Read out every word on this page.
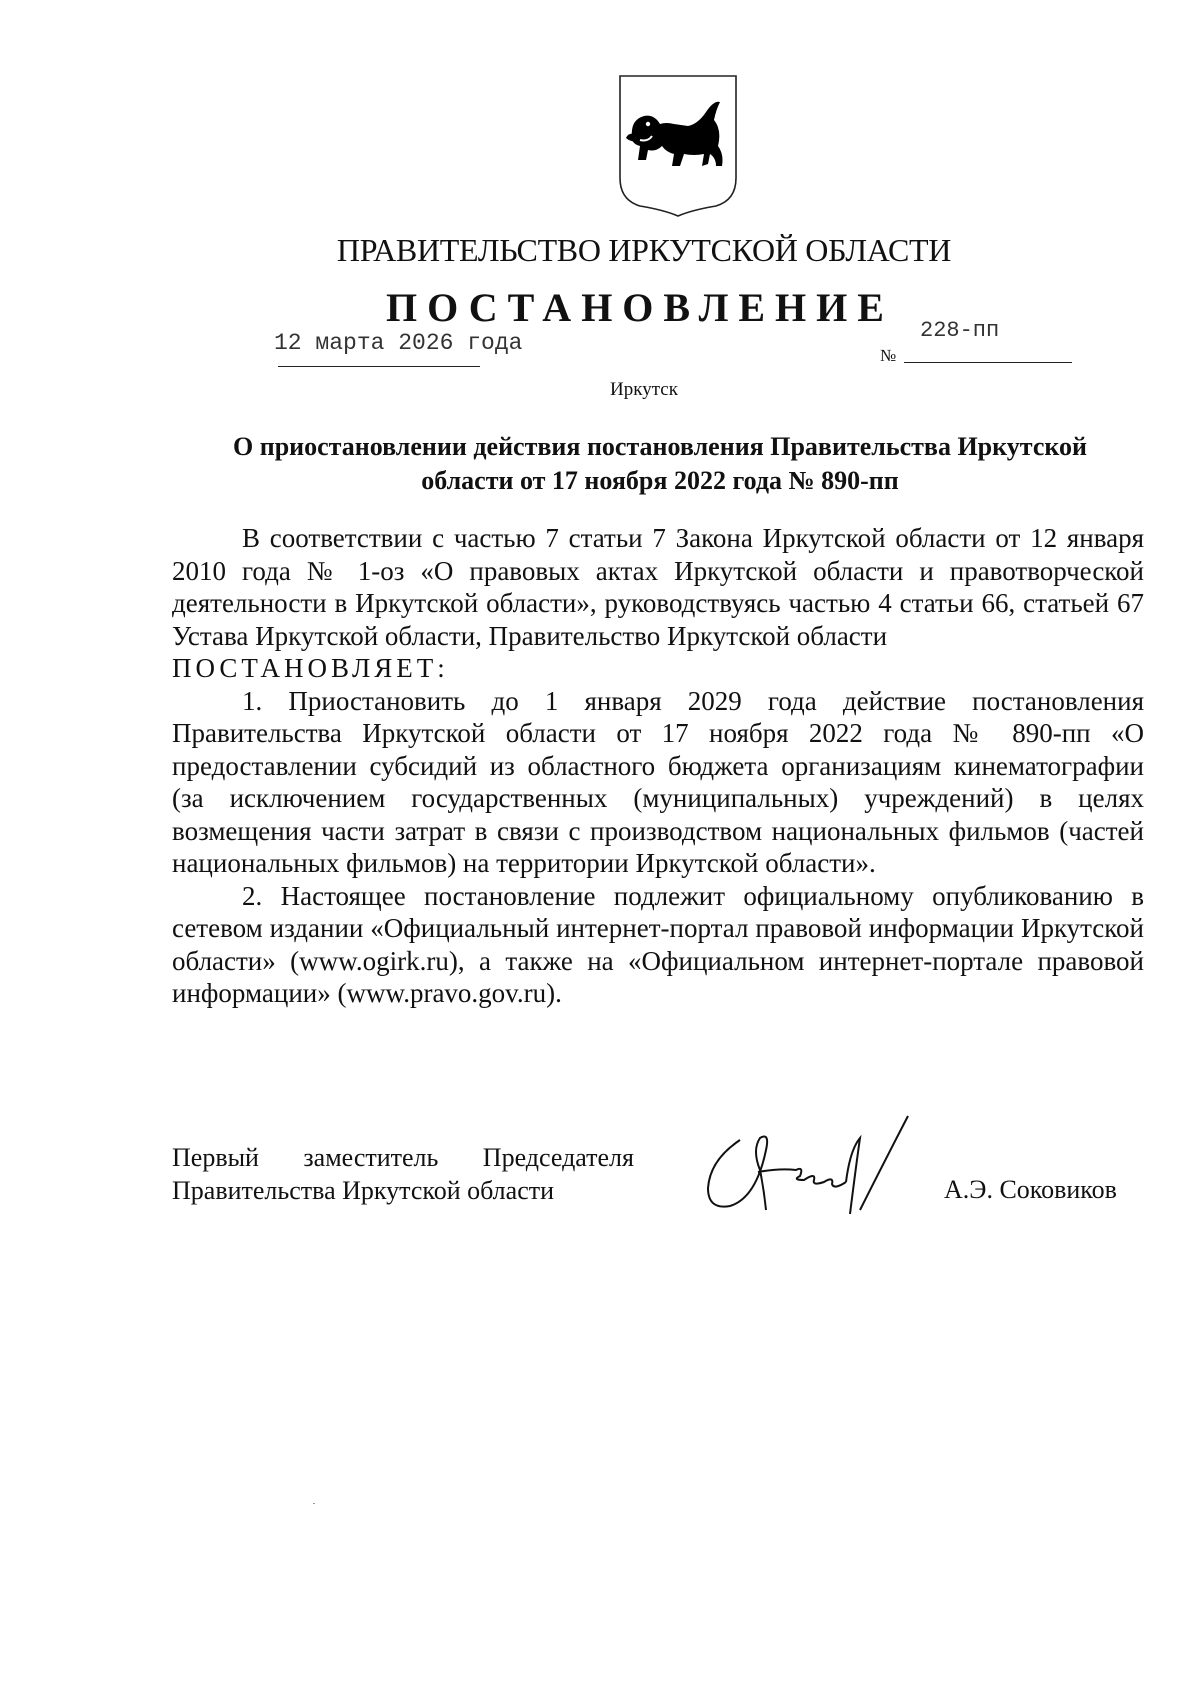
ПРАВИТЕЛЬСТВО ИРКУТСКОЙ ОБЛАСТИ
ПОСТАНОВЛЕНИЕ
12 марта 2026 года	№
228-пп
Иркутск
О приостановлении действия постановления Правительства Иркутской
области от 17 ноября 2022 года № 890-пп

В соответствии с частью 7 статьи 7 Закона Иркутской области от 12 января 2010 года № 1-оз «О правовых актах Иркутской области и правотворческой деятельности в Иркутской области», руководствуясь частью 4 статьи 66, статьей 67 Устава Иркутской области, Правительство Иркутской области

ПОСТАНОВЛЯЕТ:

1. Приостановить до 1 января 2029 года действие постановления Правительства Иркутской области от 17 ноября 2022 года № 890-пп «О предоставлении субсидий из областного бюджета организациям кинематографии (за исключением государственных (муниципальных) учреждений) в целях возмещения части затрат в связи с производством национальных фильмов (частей национальных фильмов) на территории Иркутской области».

2. Настоящее постановление подлежит официальному опубликованию в сетевом издании «Официальный интернет-портал правовой информации Иркутской области» (www.ogirk.ru), а также на «Официальном интернет-портале правовой информации» (www.pravo.gov.ru).

Первый заместитель Председателя
Правительства Иркутской области	А.Э. Соковиков
